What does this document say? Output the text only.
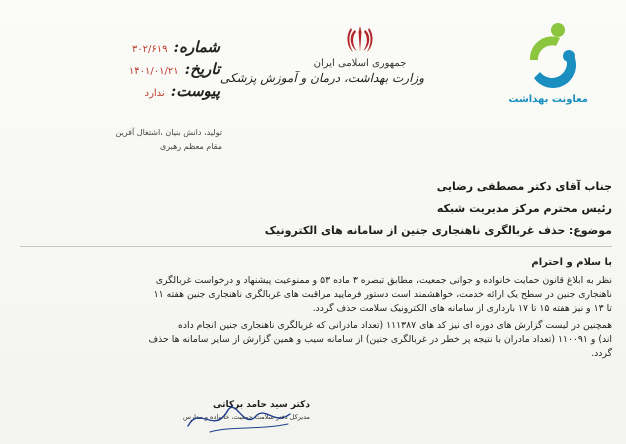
معاونت بهداشت
جمهوری اسلامی ایران
وزارت بهداشت، درمان و آموزش پزشکی
شماره:
۳۰۲/۶۱۹
تاریخ:
۱۴۰۱/۰۱/۲۱
پیوست:
ندارد
تولید، دانش بنیان ،اشتغال آفرین
مقام معظم رهبری
جناب آقای دکتر مصطفی رضایی
رئیس محترم مرکز مدیریت شبکه
موضوع: حذف غربالگری ناهنجاری جنین از سامانه های الکترونیک
با سلام و احترام

نظر به ابلاغ قانون حمایت خانواده و جوانی جمعیت، مطابق تبصره ۳ ماده ۵۳ و ممنوعیت پیشنهاد و درخواست غربالگری
ناهنجاری جنین در سطح یک ارائه خدمت، خواهشمند است دستور فرمایید مراقبت های غربالگری ناهنجاری جنین هفته ۱۱
تا ۱۳ و نیز هفته ۱۵ تا ۱۷ بارداری از سامانه های الکترونیک سلامت حذف گردد.

همچنین در لیست گزارش های دوره ای نیز کد های ۱۱۱۳۸۷ (تعداد مادرانی که غربالگری ناهنجاری جنین انجام داده
اند) و ۱۱۰۰۹۱ (تعداد مادران با نتیجه پر خطر در غربالگری جنین) از سامانه سیب و همین گزارش از سایر سامانه ها حذف
گردد.

دکتر سید حامد برکاتی
مدیرکل دفتر سلامت جمعیت، خانواده و مدارس
